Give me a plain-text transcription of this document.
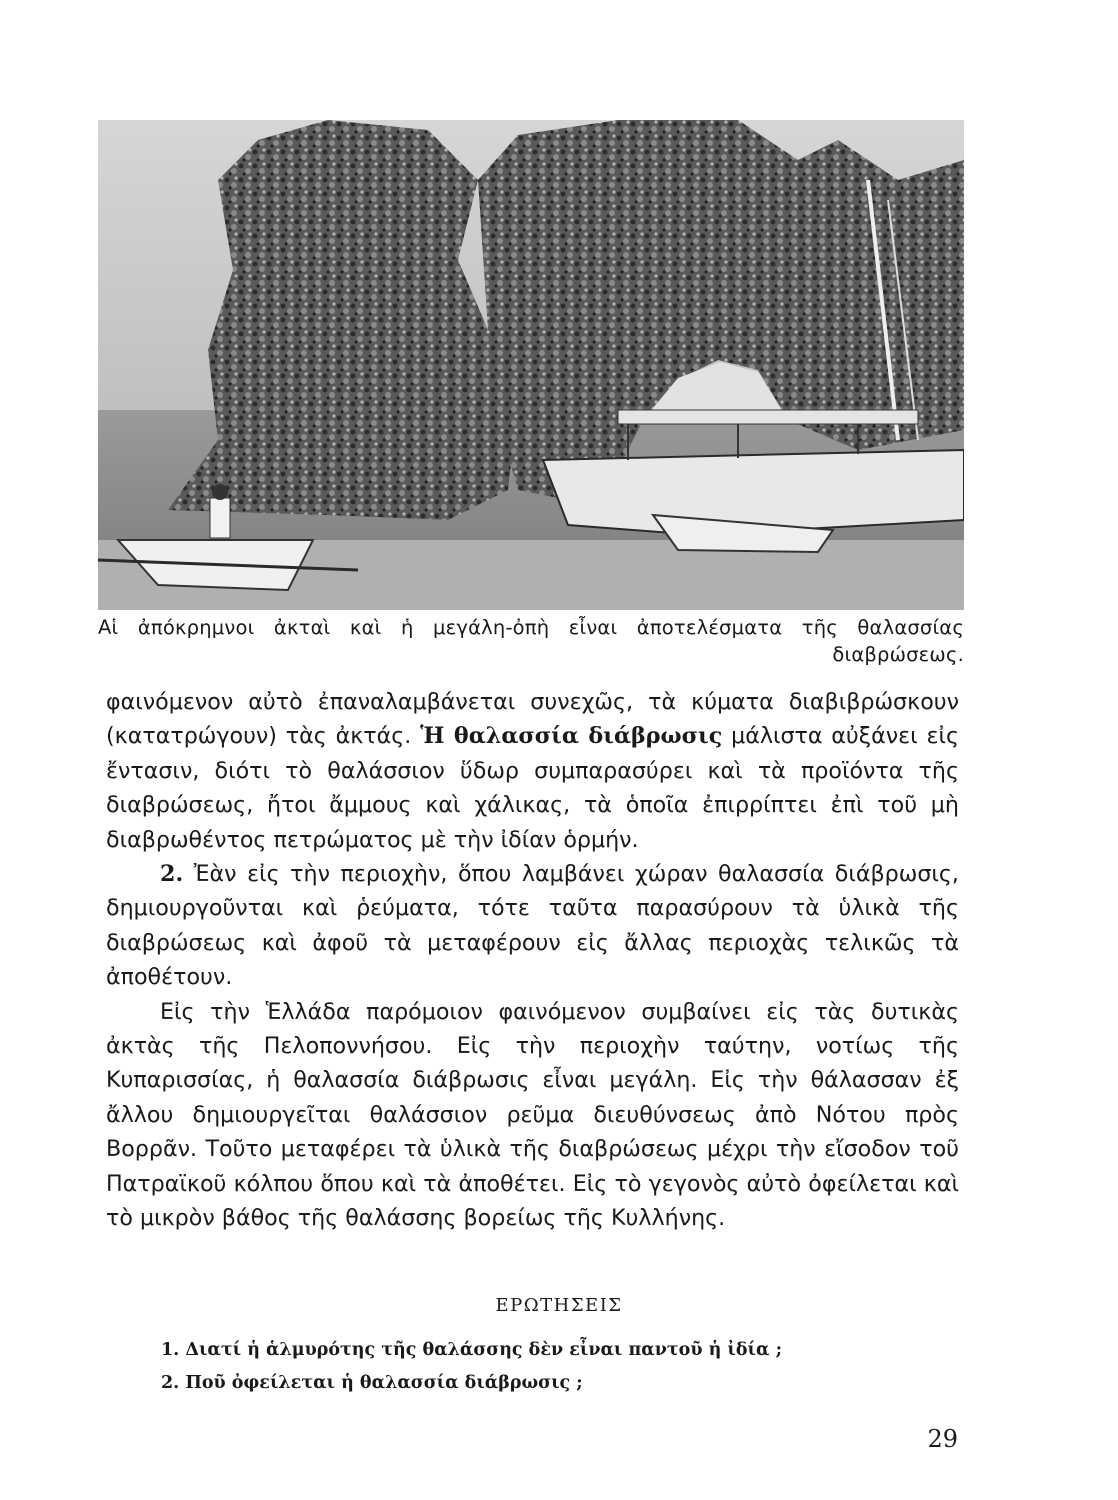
Αἱ ἀπόκρημνοι ἀκταὶ καὶ ἡ μεγάλη-ὀπὴ εἶναι ἀποτελέσματα τῆς θαλασσίας διαβρώσεως.

φαινόμενον αὐτὸ ἐπαναλαμβάνεται συνεχῶς, τὰ κύματα διαβιβρώσκουν (κατατρώγουν) τὰς ἀκτάς. Ἡ θαλασσία διάβρωσις μάλιστα αὐξάνει εἰς ἔντασιν, διότι τὸ θαλάσσιον ὕδωρ συμπαρασύρει καὶ τὰ προϊόντα τῆς διαβρώσεως, ἤτοι ἄμμους καὶ χάλικας, τὰ ὁποῖα ἐπιρρίπτει ἐπὶ τοῦ μὴ διαβρωθέντος πετρώματος μὲ τὴν ἰδίαν ὁρμήν.

2. Ἐὰν εἰς τὴν περιοχὴν, ὅπου λαμβάνει χώραν θαλασσία διάβρωσις, δημιουργοῦνται καὶ ῥεύματα, τότε ταῦτα παρασύρουν τὰ ὑλικὰ τῆς διαβρώσεως καὶ ἀφοῦ τὰ μεταφέρουν εἰς ἄλλας περιοχὰς τελικῶς τὰ ἀποθέτουν.

Εἰς τὴν Ἑλλάδα παρόμοιον φαινόμενον συμβαίνει εἰς τὰς δυτικὰς ἀκτὰς τῆς Πελοποννήσου. Εἰς τὴν περιοχὴν ταύτην, νοτίως τῆς Κυπαρισσίας, ἡ θαλασσία διάβρωσις εἶναι μεγάλη. Εἰς τὴν θάλασσαν ἐξ ἄλλου δημιουργεῖται θαλάσσιον ρεῦμα διευθύνσεως ἀπὸ Νότου πρὸς Βορρᾶν. Τοῦτο μεταφέρει τὰ ὑλικὰ τῆς διαβρώσεως μέχρι τὴν εἴσοδον τοῦ Πατραϊκοῦ κόλπου ὅπου καὶ τὰ ἀποθέτει. Εἰς τὸ γεγονὸς αὐτὸ ὀφείλεται καὶ τὸ μικρὸν βάθος τῆς θαλάσσης βορείως τῆς Κυλλήνης.

ΕΡΩΤΗΣΕΙΣ
1. Διατί ἡ ἁλμυρότης τῆς θαλάσσης δὲν εἶναι παντοῦ ἡ ἰδία ;
2. Ποῦ ὀφείλεται ἡ θαλασσία διάβρωσις ;
29
